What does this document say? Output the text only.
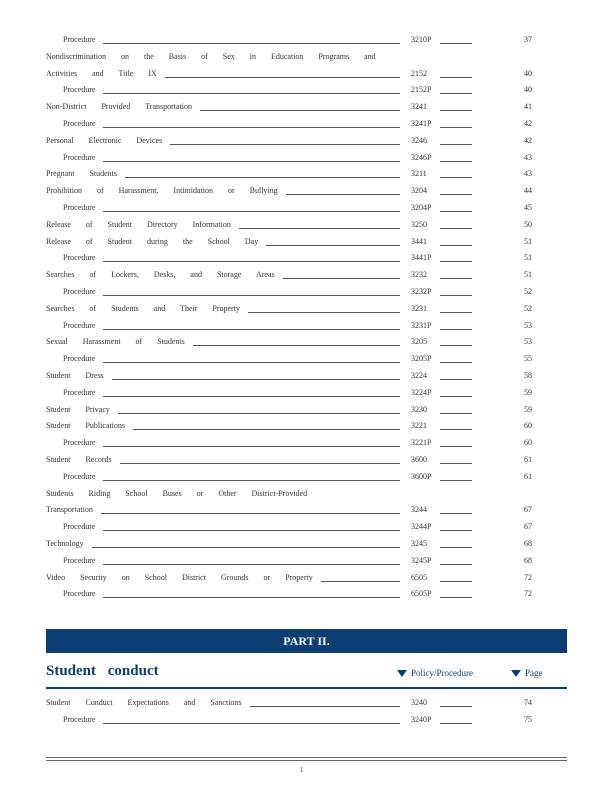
Procedure	3210P	37
Nondiscrimination on the Basis of Sex in Education Programs and
Activities and Title IX	2152	40
Procedure	2152P	40
Non-District Provided Transportation	3241	41
Procedure	3241P	42
Personal Electronic Devices	3246	42
Procedure	3246P	43
Pregnant Students	3211	43
Prohibition of Harassment, Intimidation or Bullying	3204	44
Procedure	3204P	45
Release of Student Directory Information	3250	50
Release of Student during the School Day	3441	51
Procedure	3441P	51
Searches of Lockers, Desks, and Storage Areas	3232	51
Procedure	3232P	52
Searches of Students and Their Property	3231	52
Procedure	3231P	53
Sexual Harassment of Students	3205	53
Procedure	3205P	55
Student Dress	3224	58
Procedure	3224P	59
Student Privacy	3230	59
Student Publications	3221	60
Procedure	3221P	60
Student Records	3600	61
Procedure	3600P	61
Students Riding School Buses or Other District-Provided
Transportation	3244	67
Procedure	3244P	67
Technology	3245	68
Procedure	3245P	68
Video Security on School District Grounds or Property	6505	72
Procedure	6505P	72
PART II.
Student conduct	Policy/Procedure	Page
Student Conduct Expectations and Sanctions	3240	74
Procedure	3240P	75
1
